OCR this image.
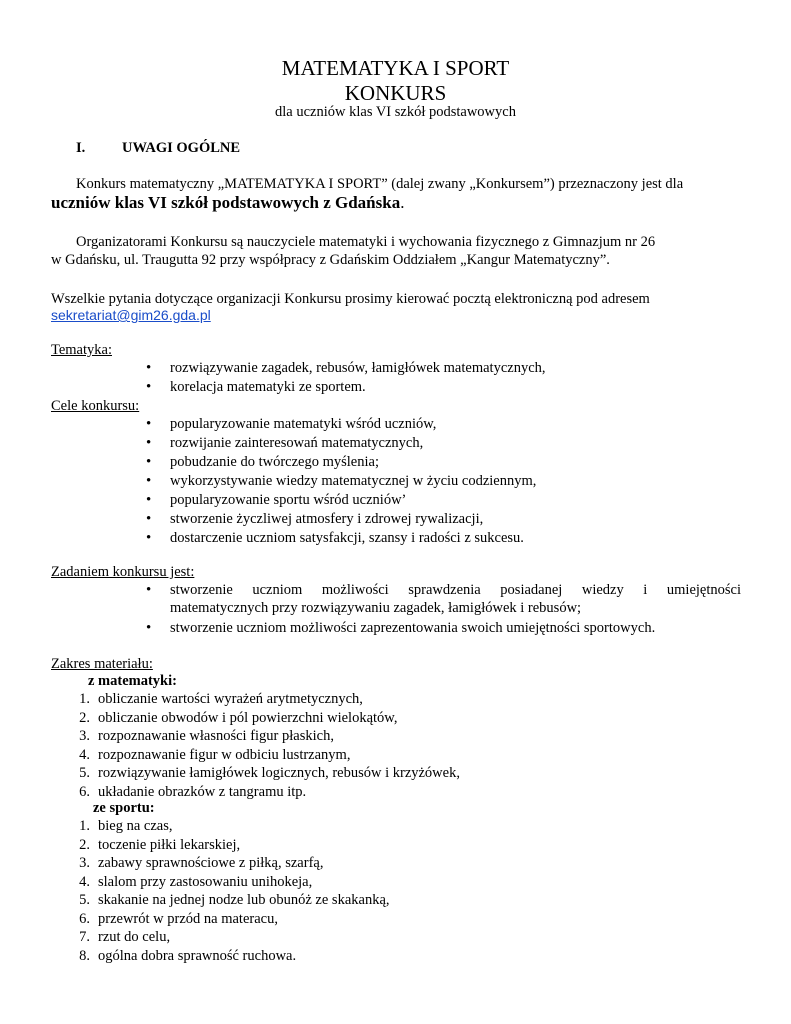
MATEMATYKA I SPORT
KONKURS
dla uczniów klas VI szkół podstawowych
I.	UWAGI OGÓLNE
Konkurs matematyczny „MATEMATYKA I SPORT” (dalej zwany „Konkursem”) przeznaczony jest dla
uczniów klas VI szkół podstawowych z Gdańska.
Organizatorami Konkursu są nauczyciele matematyki i wychowania fizycznego z Gimnazjum nr 26
w Gdańsku, ul. Traugutta 92 przy współpracy z Gdańskim Oddziałem „Kangur Matematyczny”.
Wszelkie pytania dotyczące organizacji Konkursu prosimy kierować pocztą elektroniczną pod adresem
sekretariat@gim26.gda.pl
Tematyka:
• rozwiązywanie zagadek, rebusów, łamigłówek matematycznych,
• korelacja matematyki ze sportem.
Cele konkursu:
• popularyzowanie matematyki wśród uczniów,
• rozwijanie zainteresowań matematycznych,
• pobudzanie do twórczego myślenia;
• wykorzystywanie wiedzy matematycznej w życiu codziennym,
• popularyzowanie sportu wśród uczniów’
• stworzenie życzliwej atmosfery i zdrowej rywalizacji,
• dostarczenie uczniom satysfakcji, szansy i radości z sukcesu.
Zadaniem konkursu jest:
• stworzenie uczniom możliwości sprawdzenia posiadanej wiedzy i umiejętności
matematycznych przy rozwiązywaniu zagadek, łamigłówek i rebusów;
• stworzenie uczniom możliwości zaprezentowania swoich umiejętności sportowych.
Zakres materiału:
z matematyki:
1. obliczanie wartości wyrażeń arytmetycznych,
2. obliczanie obwodów i pól powierzchni wielokątów,
3. rozpoznawanie własności figur płaskich,
4. rozpoznawanie figur w odbiciu lustrzanym,
5. rozwiązywanie łamigłówek logicznych, rebusów i krzyżówek,
6. układanie obrazków z tangramu itp.
ze sportu:
1. bieg na czas,
2. toczenie piłki lekarskiej,
3. zabawy sprawnościowe z piłką, szarfą,
4. slalom przy zastosowaniu unihokeja,
5. skakanie na jednej nodze lub obunóż ze skakanką,
6. przewrót w przód na materacu,
7. rzut do celu,
8. ogólna dobra sprawność ruchowa.
